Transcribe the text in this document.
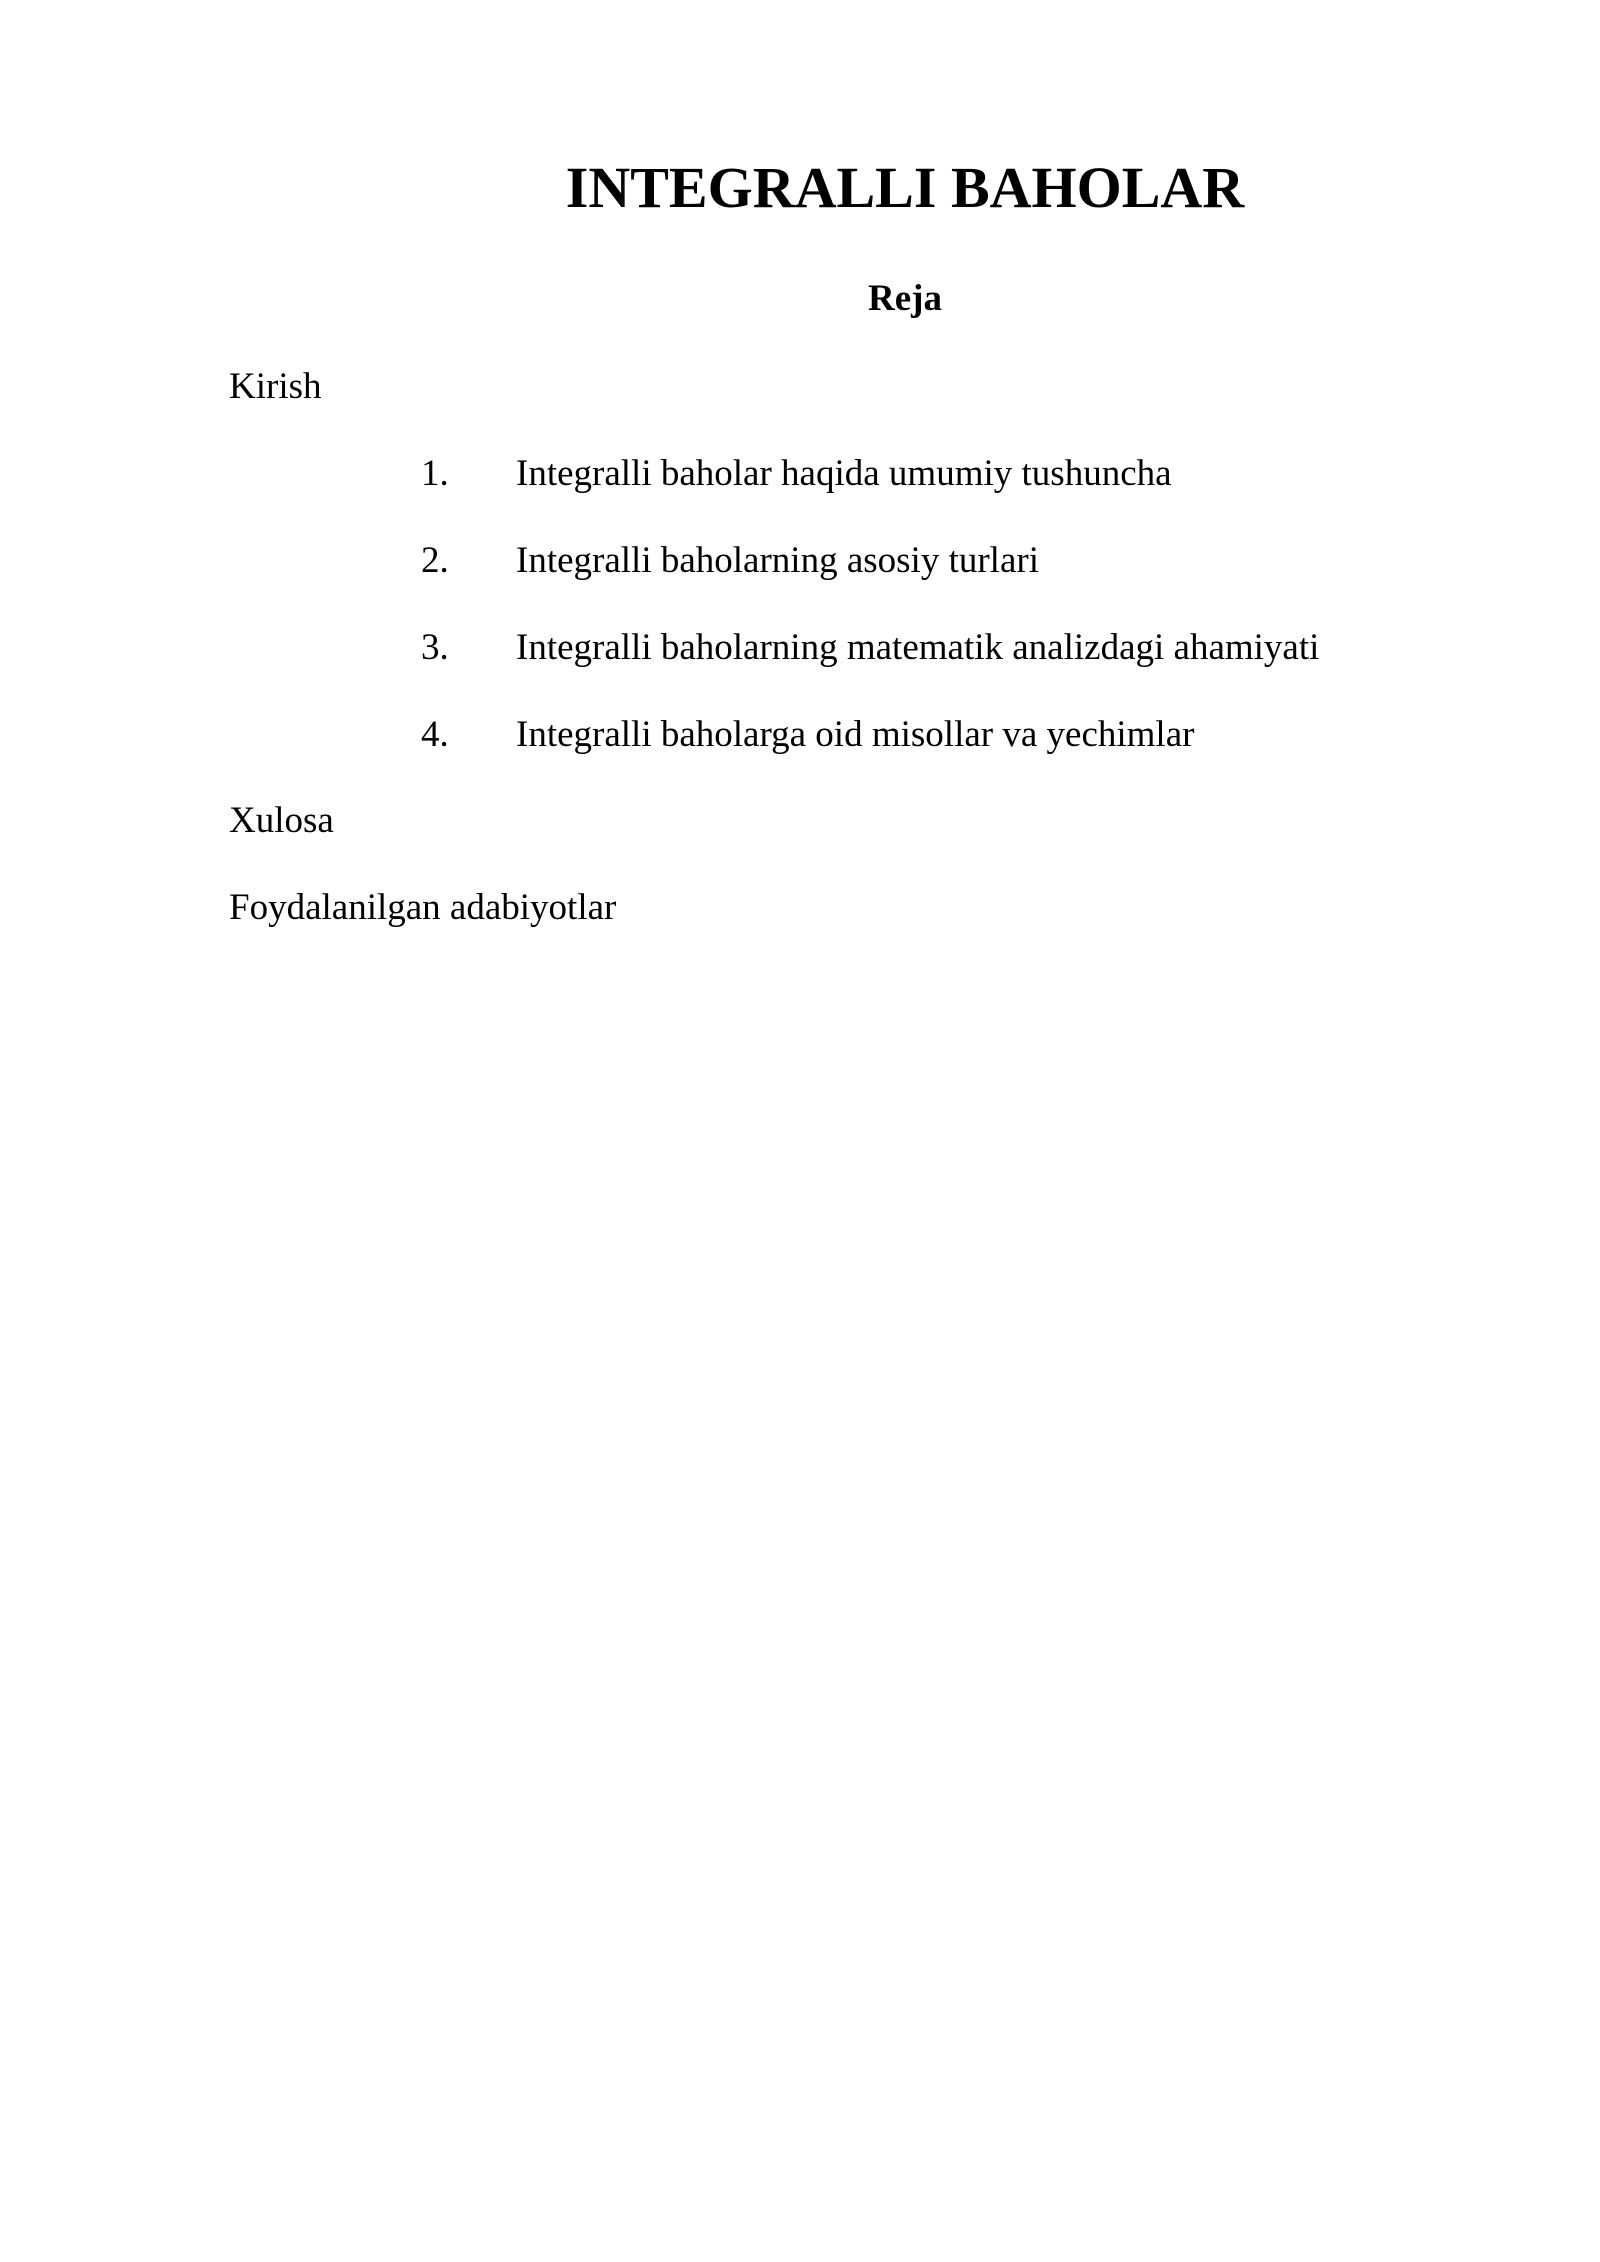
INTEGRALLI BAHOLAR
Reja
Kirish
1. Integralli baholar haqida umumiy tushuncha
2. Integralli baholarning asosiy turlari
3. Integralli baholarning matematik analizdagi ahamiyati
4. Integralli baholarga oid misollar va yechimlar
Xulosa
Foydalanilgan adabiyotlar
